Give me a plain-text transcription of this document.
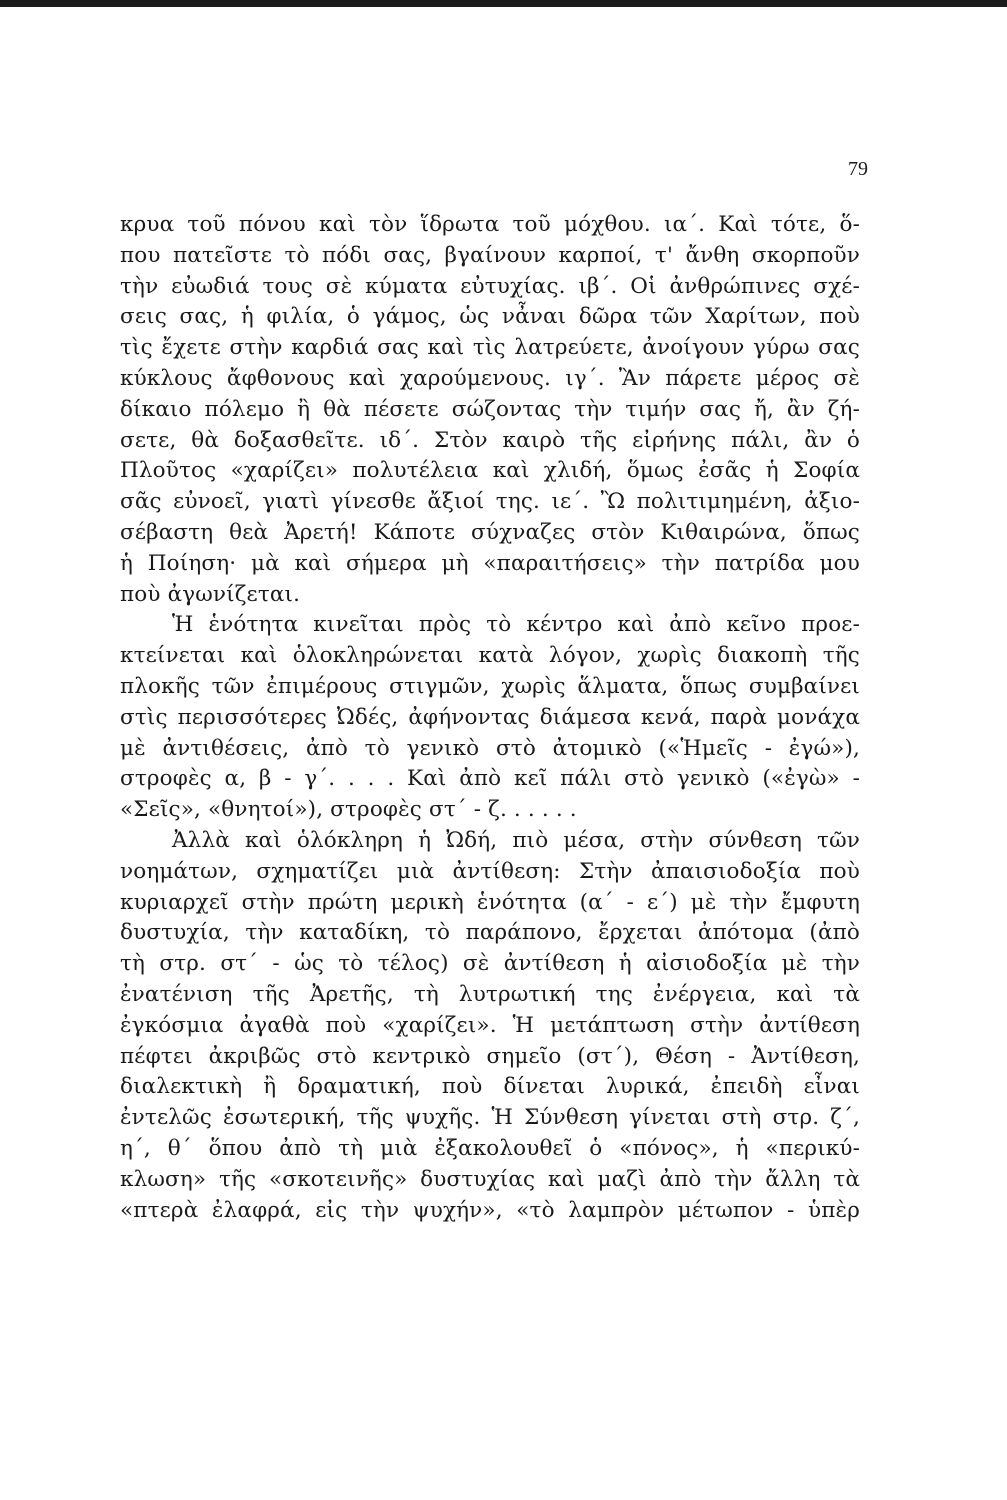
79
κρυα τοῦ πόνου καὶ τὸν ἵδρωτα τοῦ μόχθου. ια΄. Καὶ τότε, ὅ-
που πατεῖστε τὸ πόδι σας, βγαίνουν καρποί, τ' ἄνθη σκορποῦν
τὴν εὐωδιά τους σὲ κύματα εὐτυχίας. ιβ΄. Οἱ ἀνθρώπινες σχέ-
σεις σας, ἡ φιλία, ὁ γάμος, ὡς νἆναι δῶρα τῶν Χαρίτων, ποὺ
τὶς ἔχετε στὴν καρδιά σας καὶ τὶς λατρεύετε, ἀνοίγουν γύρω σας
κύκλους ἄφθονους καὶ χαρούμενους. ιγ΄. Ἂν πάρετε μέρος σὲ
δίκαιο πόλεμο ἢ θὰ πέσετε σώζοντας τὴν τιμήν σας ἤ, ἂν ζή-
σετε, θὰ δοξασθεῖτε. ιδ΄. Στὸν καιρὸ τῆς εἰρήνης πάλι, ἂν ὁ
Πλοῦτος «χαρίζει» πολυτέλεια καὶ χλιδή, ὅμως ἐσᾶς ἡ Σοφία
σᾶς εὐνοεῖ, γιατὶ γίνεσθε ἄξιοί της. ιε΄. Ὢ πολιτιμημένη, ἀξιο-
σέβαστη θεὰ Ἀρετή! Κάποτε σύχναζες στὸν Κιθαιρώνα, ὅπως
ἡ Ποίηση· μὰ καὶ σήμερα μὴ «παραιτήσεις» τὴν πατρίδα μου
ποὺ ἀγωνίζεται.
Ἡ ἑνότητα κινεῖται πρὸς τὸ κέντρο καὶ ἀπὸ κεῖνο προε-
κτείνεται καὶ ὁλοκληρώνεται κατὰ λόγον, χωρὶς διακοπὴ τῆς
πλοκῆς τῶν ἐπιμέρους στιγμῶν, χωρὶς ἅλματα, ὅπως συμβαίνει
στὶς περισσότερες Ὠδές, ἀφήνοντας διάμεσα κενά, παρὰ μονάχα
μὲ ἀντιθέσεις, ἀπὸ τὸ γενικὸ στὸ ἀτομικὸ («Ἡμεῖς - ἐγώ»),
στροφὲς α, β - γ΄. . . . Καὶ ἀπὸ κεῖ πάλι στὸ γενικὸ («ἐγὼ» -
«Σεῖς», «θνητοί»), στροφὲς στ΄ - ζ. . . . . .
Ἀλλὰ καὶ ὁλόκληρη ἡ Ὠδή, πιὸ μέσα, στὴν σύνθεση τῶν
νοημάτων, σχηματίζει μιὰ ἀντίθεση: Στὴν ἀπαισιοδοξία ποὺ
κυριαρχεῖ στὴν πρώτη μερικὴ ἑνότητα (α΄ - ε΄) μὲ τὴν ἔμφυτη
δυστυχία, τὴν καταδίκη, τὸ παράπονο, ἔρχεται ἀπότομα (ἀπὸ
τὴ στρ. στ΄ - ὡς τὸ τέλος) σὲ ἀντίθεση ἡ αἰσιοδοξία μὲ τὴν
ἐνατένιση τῆς Ἀρετῆς, τὴ λυτρωτική της ἐνέργεια, καὶ τὰ
ἐγκόσμια ἀγαθὰ ποὺ «χαρίζει». Ἡ μετάπτωση στὴν ἀντίθεση
πέφτει ἀκριβῶς στὸ κεντρικὸ σημεῖο (στ΄), Θέση - Ἀντίθεση,
διαλεκτικὴ ἢ δραματική, ποὺ δίνεται λυρικά, ἐπειδὴ εἶναι
ἐντελῶς ἐσωτερική, τῆς ψυχῆς. Ἡ Σύνθεση γίνεται στὴ στρ. ζ΄,
η΄, θ΄ ὅπου ἀπὸ τὴ μιὰ ἐξακολουθεῖ ὁ «πόνος», ἡ «περικύ-
κλωση» τῆς «σκοτεινῆς» δυστυχίας καὶ μαζὶ ἀπὸ τὴν ἄλλη τὰ
«πτερὰ ἐλαφρά, εἰς τὴν ψυχήν», «τὸ λαμπρὸν μέτωπον - ὑπὲρ
